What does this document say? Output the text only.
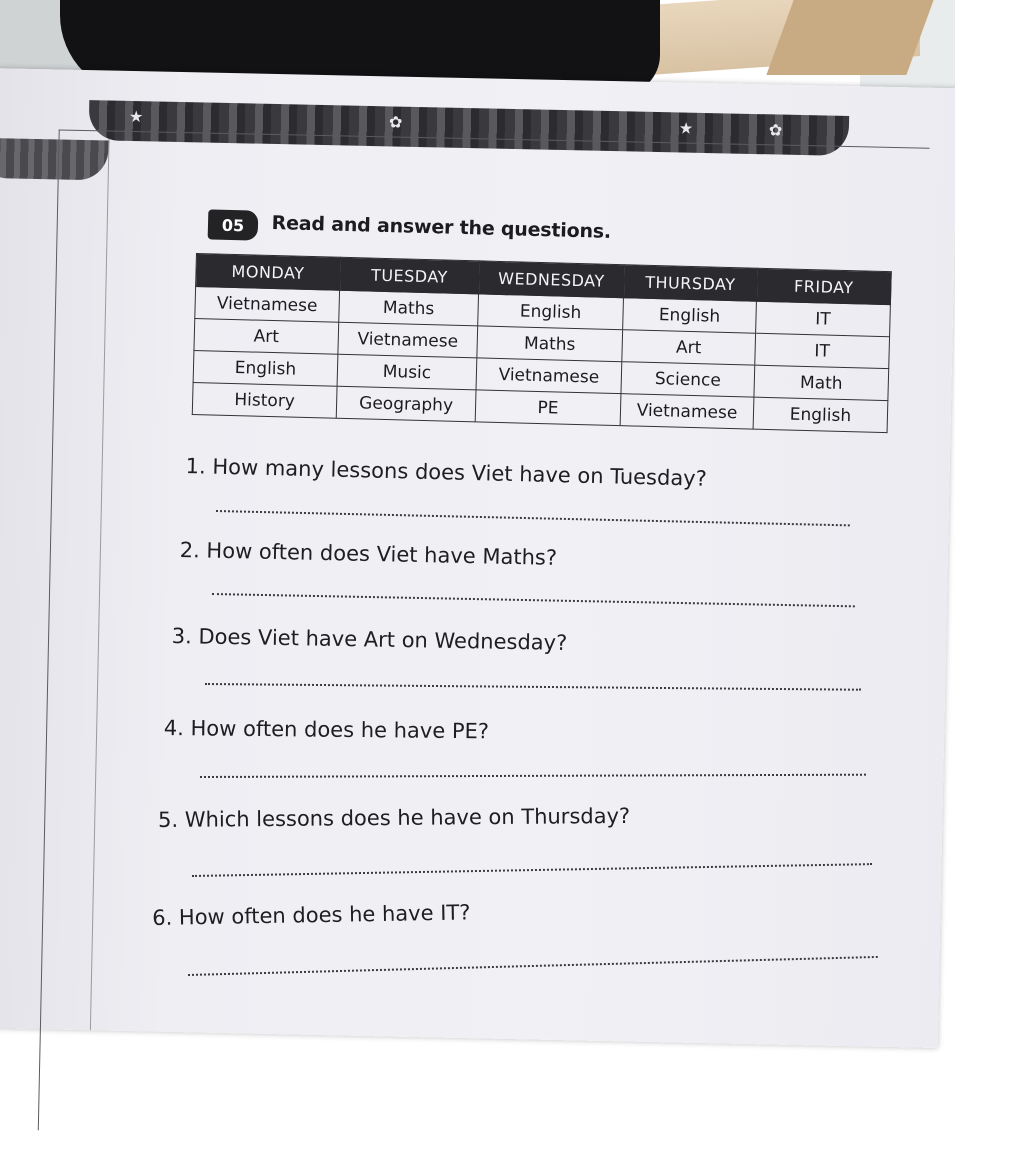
★	✿	★	✿
05	Read and answer the questions.
MONDAY	TUESDAY	WEDNESDAY	THURSDAY	FRIDAY
Vietnamese	Maths	English	English	IT
Art	Vietnamese	Maths	Art	IT
English	Music	Vietnamese	Science	Math
History	Geography	PE	Vietnamese	English
1. How many lessons does Viet have on Tuesday?
2. How often does Viet have Maths?
3. Does Viet have Art on Wednesday?
4. How often does he have PE?
5. Which lessons does he have on Thursday?
6. How often does he have IT?
